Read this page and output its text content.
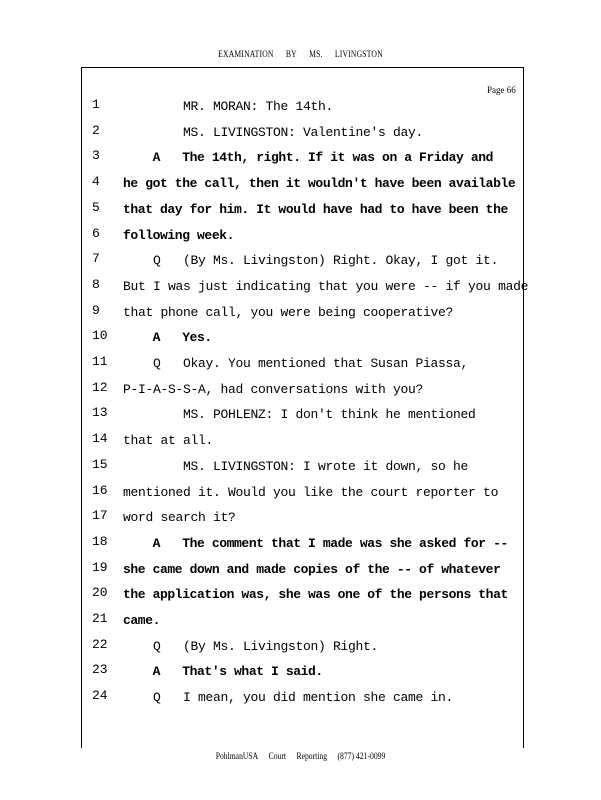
EXAMINATION BY MS. LIVINGSTON
Page 66
1	MR. MORAN: The 14th.
2	MS. LIVINGSTON: Valentine's day.
3	A   The 14th, right. If it was on a Friday and
4	he got the call, then it wouldn't have been available
5	that day for him. It would have had to have been the
6	following week.
7	Q   (By Ms. Livingston) Right. Okay, I got it.
8	But I was just indicating that you were -- if you made
9	that phone call, you were being cooperative?
10 A   Yes.
11 Q   Okay. You mentioned that Susan Piassa,
12 P-I-A-S-S-A, had conversations with you?
13 MS. POHLENZ: I don't think he mentioned
14 that at all.
15 MS. LIVINGSTON: I wrote it down, so he
16 mentioned it. Would you like the court reporter to
17 word search it?
18 A   The comment that I made was she asked for --
19 she came down and made copies of the -- of whatever
20 the application was, she was one of the persons that
21 came.
22 Q   (By Ms. Livingston) Right.
23 A   That's what I said.
24 Q   I mean, you did mention she came in.
PohlmanUSA Court Reporting (877) 421-0099
